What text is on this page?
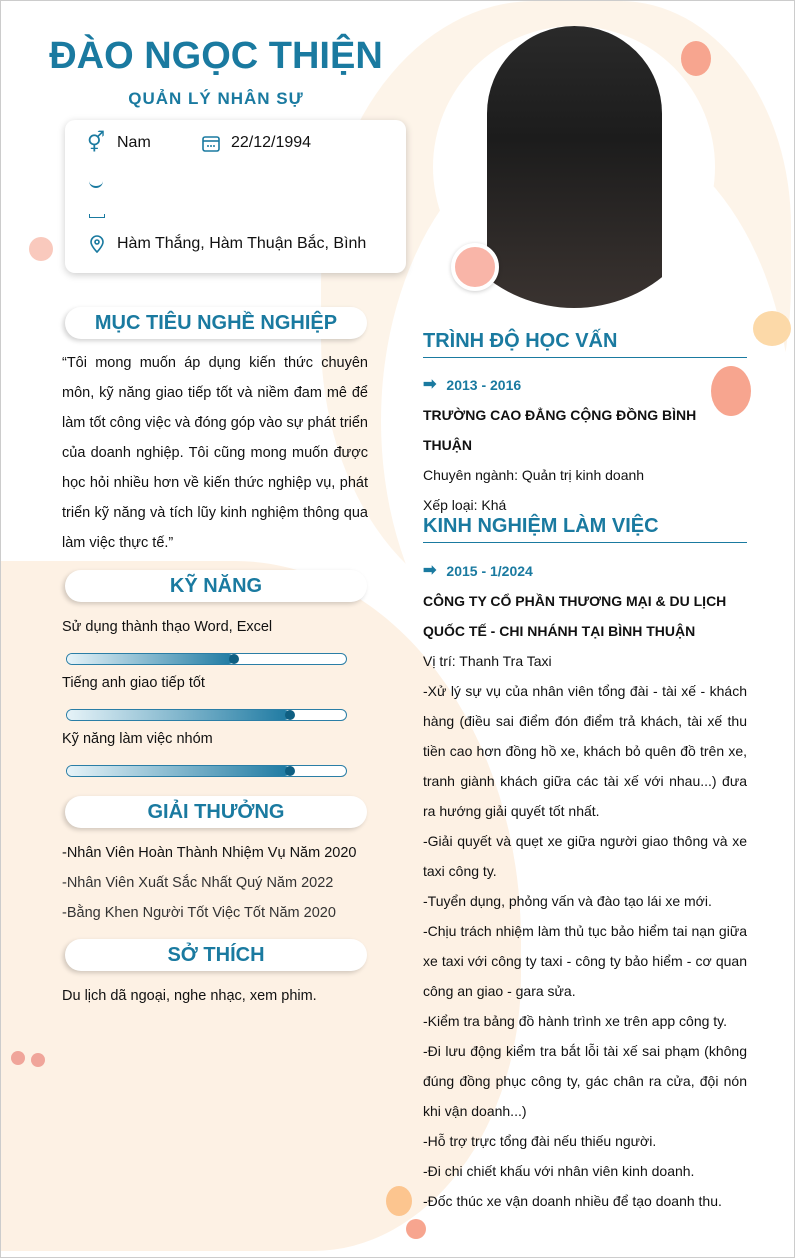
ĐÀO NGỌC THIỆN
QUẢN LÝ NHÂN SỰ
⚥ Nam	22/12/1994
Hàm Thắng, Hàm Thuận Bắc, Bình
MỤC TIÊU NGHỀ NGHIỆP
“Tôi mong muốn áp dụng kiến thức chuyên môn, kỹ năng giao tiếp tốt và niềm đam mê để làm tốt công việc và đóng góp vào sự phát triển của doanh nghiệp. Tôi cũng mong muốn được học hỏi nhiều hơn về kiến thức nghiệp vụ, phát triển kỹ năng và tích lũy kinh nghiệm thông qua làm việc thực tế.”
KỸ NĂNG
Sử dụng thành thạo Word, Excel
Tiếng anh giao tiếp tốt
Kỹ năng làm việc nhóm
GIẢI THƯỞNG
-Nhân Viên Hoàn Thành Nhiệm Vụ Năm 2020
-Nhân Viên Xuất Sắc Nhất Quý Năm 2022
-Bằng Khen Người Tốt Việc Tốt Năm 2020
SỞ THÍCH
Du lịch dã ngoại, nghe nhạc, xem phim.
TRÌNH ĐỘ HỌC VẤN
➡ 2013 - 2016
TRƯỜNG CAO ĐẲNG CỘNG ĐỒNG BÌNH THUẬN
Chuyên ngành: Quản trị kinh doanh
Xếp loại: Khá
KINH NGHIỆM LÀM VIỆC
➡ 2015 - 1/2024
CÔNG TY CỔ PHẦN THƯƠNG MẠI & DU LỊCH QUỐC TẾ - CHI NHÁNH TẠI BÌNH THUẬN
Vị trí: Thanh Tra Taxi
-Xử lý sự vụ của nhân viên tổng đài - tài xế - khách hàng (điều sai điểm đón điểm trả khách, tài xế thu tiền cao hơn đồng hồ xe, khách bỏ quên đồ trên xe, tranh giành khách giữa các tài xế với nhau...) đưa ra hướng giải quyết tốt nhất.
-Giải quyết và quẹt xe giữa người giao thông và xe taxi công ty.
-Tuyển dụng, phỏng vấn và đào tạo lái xe mới.
-Chịu trách nhiệm làm thủ tục bảo hiểm tai nạn giữa xe taxi với công ty taxi - công ty bảo hiểm - cơ quan công an giao - gara sửa.
-Kiểm tra bảng đồ hành trình xe trên app công ty.
-Đi lưu động kiểm tra bắt lỗi tài xế sai phạm (không đúng đồng phục công ty, gác chân ra cửa, đội nón khi vận doanh...)
-Hỗ trợ trực tổng đài nếu thiếu người.
-Đi chi chiết khấu với nhân viên kinh doanh.
-Đốc thúc xe vận doanh nhiều để tạo doanh thu.
